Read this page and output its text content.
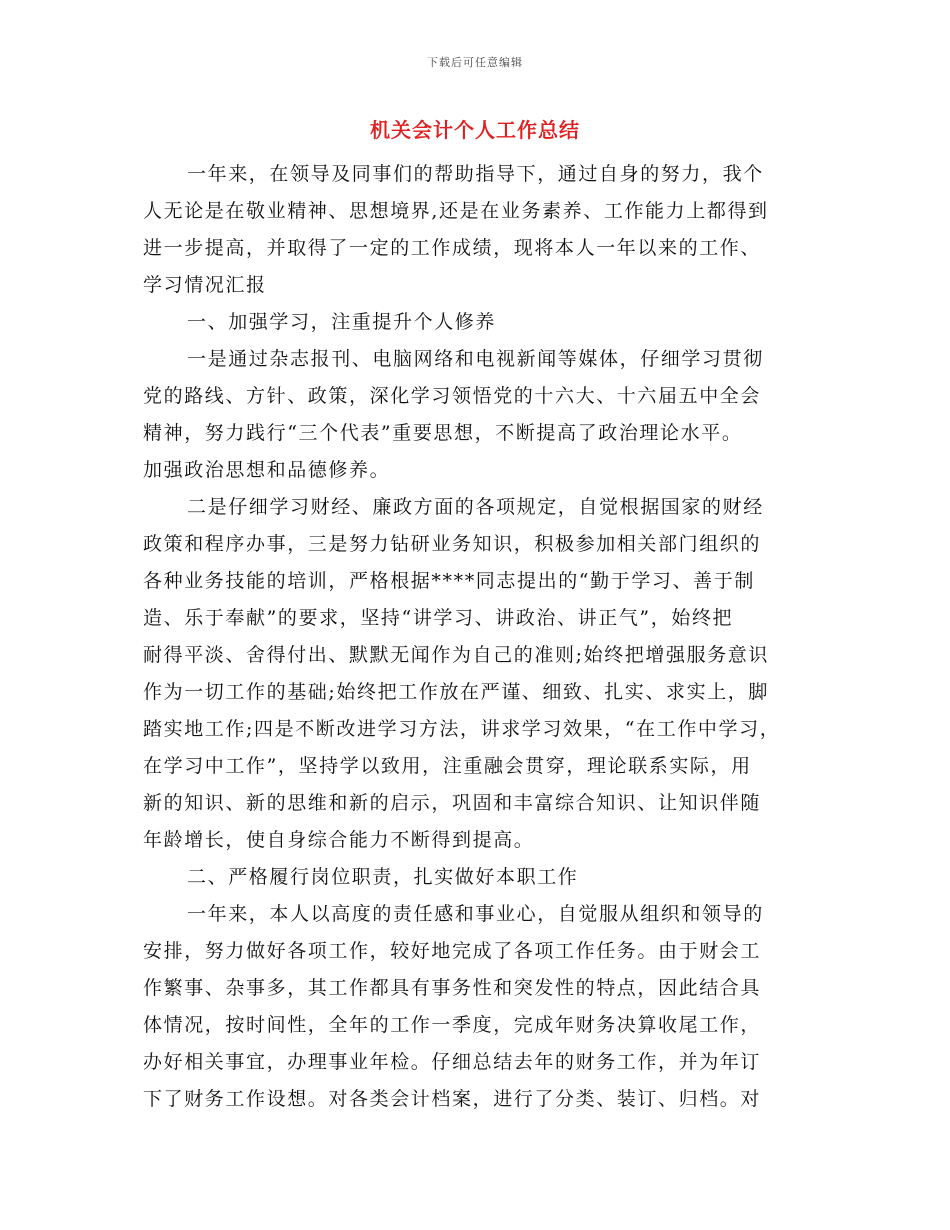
下载后可任意编辑
机关会计个人工作总结
一年来，在领导及同事们的帮助指导下，通过自身的努力，我个
人无论是在敬业精神、思想境界,还是在业务素养、工作能力上都得到
进一步提高，并取得了一定的工作成绩，现将本人一年以来的工作、
学习情况汇报
一、加强学习，注重提升个人修养
一是通过杂志报刊、电脑网络和电视新闻等媒体，仔细学习贯彻
党的路线、方针、政策，深化学习领悟党的十六大、十六届五中全会
精神，努力践行“三个代表”重要思想，不断提高了政治理论水平。
加强政治思想和品德修养。
二是仔细学习财经、廉政方面的各项规定，自觉根据国家的财经
政策和程序办事，三是努力钻研业务知识，积极参加相关部门组织的
各种业务技能的培训，严格根据****同志提出的“勤于学习、善于制
造、乐于奉献”的要求，坚持“讲学习、讲政治、讲正气”，始终把
耐得平淡、舍得付出、默默无闻作为自己的准则;始终把增强服务意识
作为一切工作的基础;始终把工作放在严谨、细致、扎实、求实上，脚
踏实地工作;四是不断改进学习方法，讲求学习效果，“在工作中学习，
在学习中工作”，坚持学以致用，注重融会贯穿，理论联系实际，用
新的知识、新的思维和新的启示，巩固和丰富综合知识、让知识伴随
年龄增长，使自身综合能力不断得到提高。
二、严格履行岗位职责，扎实做好本职工作
一年来，本人以高度的责任感和事业心，自觉服从组织和领导的
安排，努力做好各项工作，较好地完成了各项工作任务。由于财会工
作繁事、杂事多，其工作都具有事务性和突发性的特点，因此结合具
体情况，按时间性，全年的工作一季度，完成年财务决算收尾工作，
办好相关事宜，办理事业年检。仔细总结去年的财务工作，并为年订
下了财务工作设想。对各类会计档案，进行了分类、装订、归档。对
